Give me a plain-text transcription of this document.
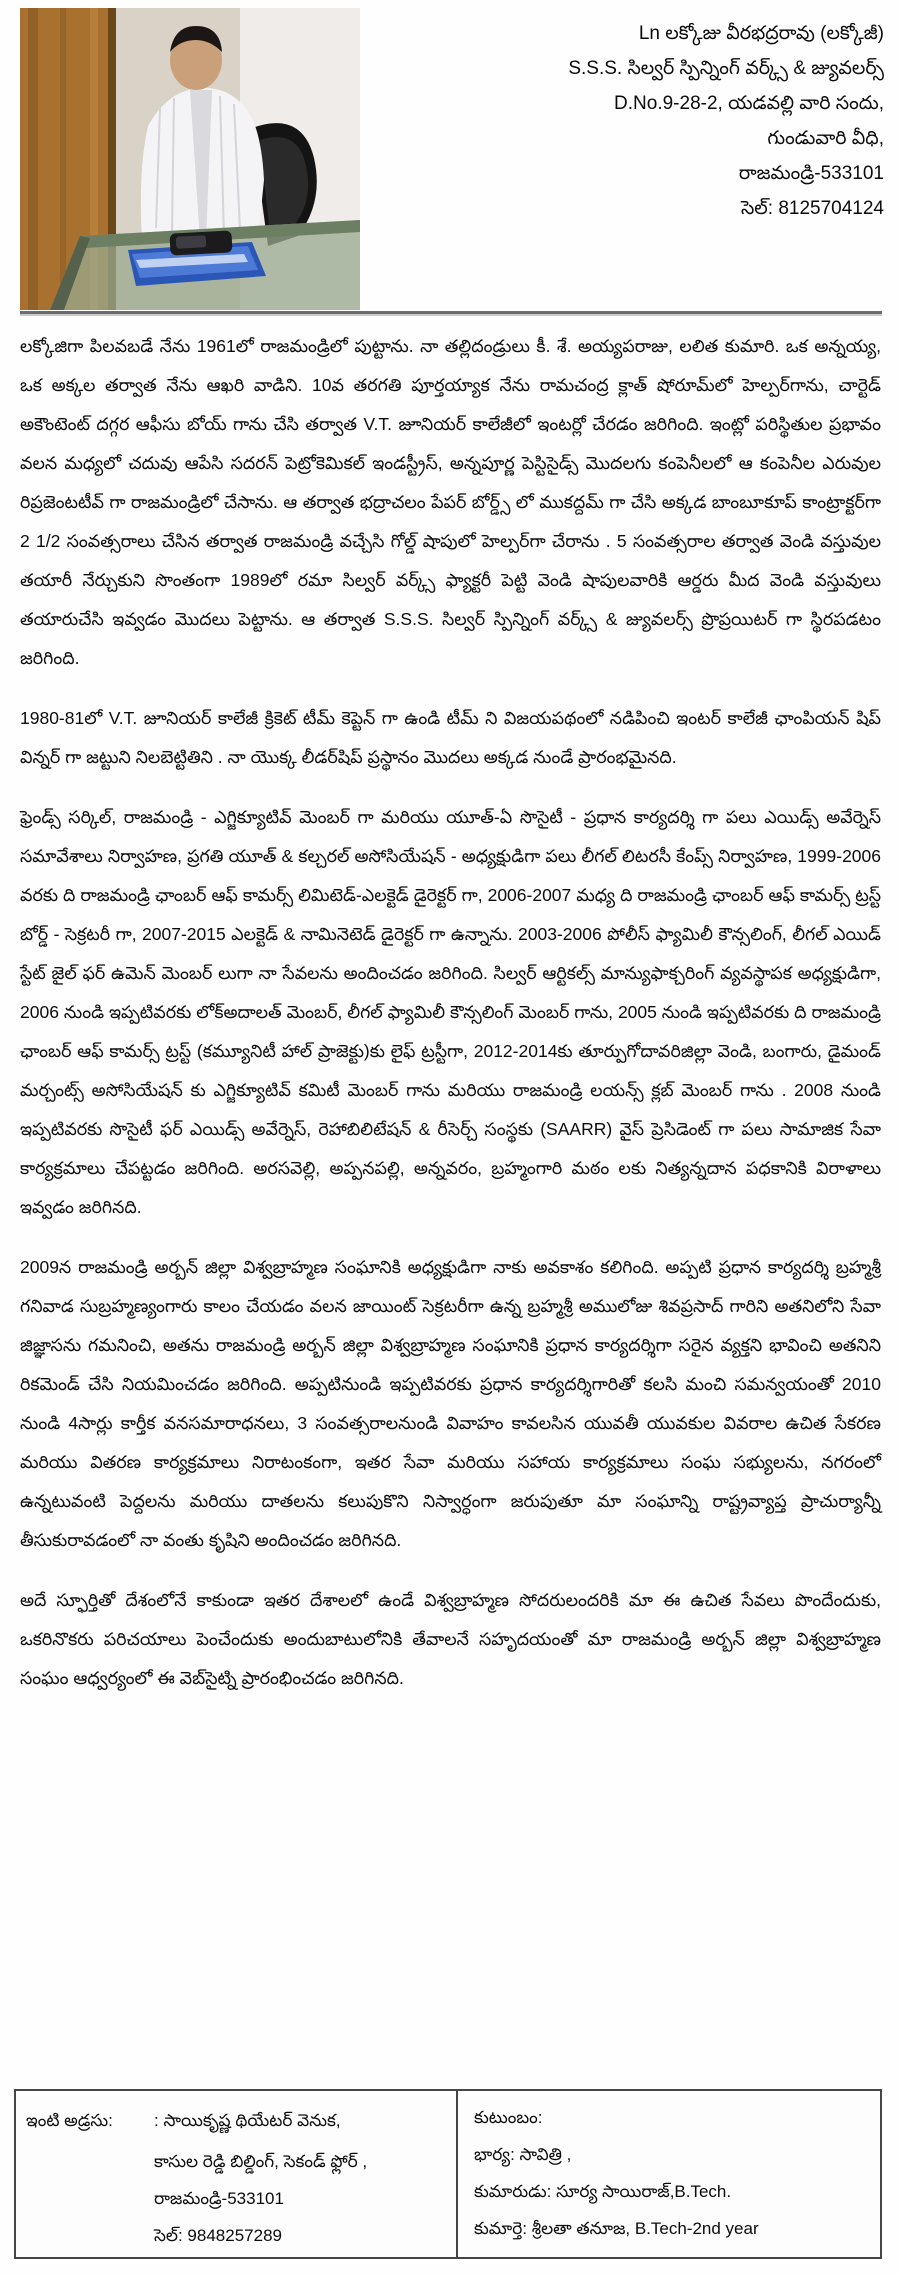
Ln లక్కోజు వీరభద్రరావు (లక్కోజీ)
S.S.S. సిల్వర్ స్పిన్నింగ్ వర్క్స్ & జ్యువలర్స్
D.No.9-28-2, యడవల్లి వారి సందు,
గుండువారి వీధి,
రాజమండ్రి-533101
సెల్: 8125704124

లక్కోజిగా పిలవబడే నేను 1961లో రాజమండ్రిలో పుట్టాను. నా తల్లిదండ్రులు కీ. శే. అయ్యపరాజు, లలిత కుమారి. ఒక అన్నయ్య, ఒక అక్కల తర్వాత నేను ఆఖరి వాడిని. 10వ తరగతి పూర్తయ్యాక నేను రామచంద్ర క్లాత్ షోరూమ్‌లో హెల్పర్‌గాను, చార్టెడ్ అకౌంటెంట్ దగ్గర ఆఫీసు బోయ్ గాను చేసి తర్వాత V.T. జూనియర్ కాలేజీలో ఇంటర్లో చేరడం జరిగింది. ఇంట్లో పరిస్థితుల ప్రభావం వలన మధ్యలో చదువు ఆపేసి సదరన్ పెట్రోకెమికల్ ఇండస్ట్రీస్, అన్నపూర్ణ పెస్టిసైడ్స్ మొదలగు కంపెనీలలో ఆ కంపెనీల ఎరువుల రిప్రజెంటటీవ్ గా రాజమండ్రిలో చేసాను. ఆ తర్వాత భద్రాచలం పేపర్ బోర్డ్స్ లో ముకద్దమ్ గా చేసి అక్కడ బాంబూకూప్ కాంట్రాక్టర్‌గా 2 1/2 సంవత్సరాలు చేసిన తర్వాత రాజమండ్రి వచ్చేసి గోల్డ్ షాపులో హెల్పర్‌గా చేరాను . 5 సంవత్సరాల తర్వాత వెండి వస్తువుల తయారీ నేర్చుకుని సొంతంగా 1989లో రమా సిల్వర్ వర్క్స్ ఫ్యాక్టరీ పెట్టి వెండి షాపులవారికి ఆర్డరు మీద వెండి వస్తువులు తయారుచేసి ఇవ్వడం మొదలు పెట్టాను. ఆ తర్వాత S.S.S. సిల్వర్ స్పిన్నింగ్ వర్క్స్ & జ్యువలర్స్ ప్రొప్రయిటర్ గా స్థిరపడటం జరిగింది.

1980-81లో V.T. జూనియర్ కాలేజీ క్రికెట్ టీమ్ కెప్టెన్ గా ఉండి టీమ్ ని విజయపథంలో నడిపించి ఇంటర్ కాలేజీ ఛాంపియన్ షిప్ విన్నర్ గా జట్టుని నిలబెట్టితిని . నా యొక్క లీడర్‌షిప్ ప్రస్థానం మొదలు అక్కడ నుండే ప్రారంభమైనది.

ఫ్రెండ్స్ సర్కిల్, రాజమండ్రి - ఎగ్జిక్యూటివ్ మెంబర్ గా మరియు యూత్-ఏ సొసైటీ - ప్రధాన కార్యదర్శి గా పలు ఎయిడ్స్ అవేర్నెస్ సమావేశాలు నిర్వాహణ, ప్రగతి యూత్ & కల్చరల్ అసోసియేషన్ - అధ్యక్షుడిగా పలు లీగల్ లిటరసీ కేంప్స్ నిర్వాహణ, 1999-2006 వరకు ది రాజమండ్రి ఛాంబర్ ఆఫ్ కామర్స్ లిమిటెడ్-ఎలక్టెడ్ డైరెక్టర్ గా, 2006-2007 మధ్య ది రాజమండ్రి ఛాంబర్ ఆఫ్ కామర్స్ ట్రస్ట్ బోర్డ్ - సెక్రటరీ గా, 2007-2015 ఎలక్టెడ్ & నామినెటెడ్ డైరెక్టర్ గా ఉన్నాను. 2003-2006 పోలీస్ ఫ్యామిలీ కౌన్సలింగ్, లీగల్ ఎయిడ్ స్టేట్ జైల్ ఫర్ ఉమెన్ మెంబర్ లుగా నా సేవలను అందించడం జరిగింది. సిల్వర్ ఆర్టికల్స్ మాన్యుఫాక్చరింగ్ వ్యవస్థాపక అధ్యక్షుడిగా, 2006 నుండి ఇప్పటివరకు లోక్అదాలత్ మెంబర్, లీగల్ ఫ్యామిలీ కౌన్సలింగ్ మెంబర్ గాను, 2005 నుండి ఇప్పటివరకు ది రాజమండ్రి ఛాంబర్ ఆఫ్ కామర్స్ ట్రస్ట్ (కమ్యూనిటీ హాల్ ప్రాజెక్టు)కు లైఫ్ ట్రస్టీగా, 2012-2014కు తూర్పుగోదావరిజిల్లా వెండి, బంగారు, డైమండ్ మర్చంట్స్ అసోసియేషన్ కు ఎగ్జిక్యూటివ్ కమిటీ మెంబర్ గాను మరియు రాజమండ్రి లయన్స్ క్లబ్ మెంబర్ గాను . 2008 నుండి ఇప్పటివరకు సొసైటీ ఫర్ ఎయిడ్స్ అవేర్నెస్, రెహాబిలిటేషన్ & రీసెర్చ్ సంస్థకు (SAARR) వైస్ ప్రెసిడెంట్ గా పలు సామాజిక సేవా కార్యక్రమాలు చేపట్టడం జరిగింది. అరసవెల్లి, అప్పనపల్లి, అన్నవరం, బ్రహ్మంగారి మఠం లకు నిత్యన్నదాన పధకానికి విరాళాలు ఇవ్వడం జరిగినది.

2009న రాజమండ్రి అర్బన్ జిల్లా విశ్వబ్రాహ్మణ సంఘానికి అధ్యక్షుడిగా నాకు అవకాశం కలిగింది. అప్పటి ప్రధాన కార్యదర్శి బ్రహ్మశ్రీ గనివాడ సుబ్రహ్మణ్యంగారు కాలం చేయడం వలన జాయింట్ సెక్రటరీగా ఉన్న బ్రహ్మశ్రీ అములోజు శివప్రసాద్ గారిని అతనిలోని సేవా జిజ్ఞాసను గమనించి, అతను రాజమండ్రి అర్బన్ జిల్లా విశ్వబ్రాహ్మణ సంఘానికి ప్రధాన కార్యదర్శిగా సరైన వ్యక్తని భావించి అతనిని రికమెండ్ చేసి నియమించడం జరిగింది. అప్పటినుండి ఇప్పటివరకు ప్రధాన కార్యదర్శిగారితో కలసి మంచి సమన్వయంతో 2010 నుండి 4సార్లు కార్తీక వనసమారాధనలు, 3 సంవత్సరాలనుండి వివాహం కావలసిన యువతీ యువకుల వివరాల ఉచిత సేకరణ మరియు వితరణ కార్యక్రమాలు నిరాటంకంగా, ఇతర సేవా మరియు సహాయ కార్యక్రమాలు సంఘ సభ్యులను, నగరంలో ఉన్నటువంటి పెద్దలను మరియు దాతలను కలుపుకొని నిస్వార్ధంగా జరుపుతూ మా సంఘాన్ని రాష్ట్రవ్యాప్త ప్రాచుర్యాన్నీ తీసుకురావడంలో నా వంతు కృషిని అందించడం జరిగినది.

అదే స్ఫూర్తితో దేశంలోనే కాకుండా ఇతర దేశాలలో ఉండే విశ్వబ్రాహ్మణ సోదరులందరికి మా ఈ ఉచిత సేవలు పొందేందుకు, ఒకరినొకరు పరిచయాలు పెంచేందుకు అందుబాటులోనికి తేవాలనే సహృదయంతో మా రాజమండ్రి అర్బన్ జిల్లా విశ్వబ్రాహ్మణ సంఘం ఆధ్వర్యంలో ఈ వెబ్‌సైట్ని ప్రారంభించడం జరిగినది.

ఇంటి అడ్రసు:	: సాయికృష్ణ థియేటర్ వెనుక,
కాసుల రెడ్డి బిల్డింగ్, సెకండ్ ఫ్లోర్ ,
రాజమండ్రి-533101
సెల్: 9848257289
కుటుంబం:
భార్య: సావిత్రి ,
కుమారుడు: సూర్య సాయిరాజ్,B.Tech.
కుమార్తె: శ్రీలతా తనూజ, B.Tech-2nd year
